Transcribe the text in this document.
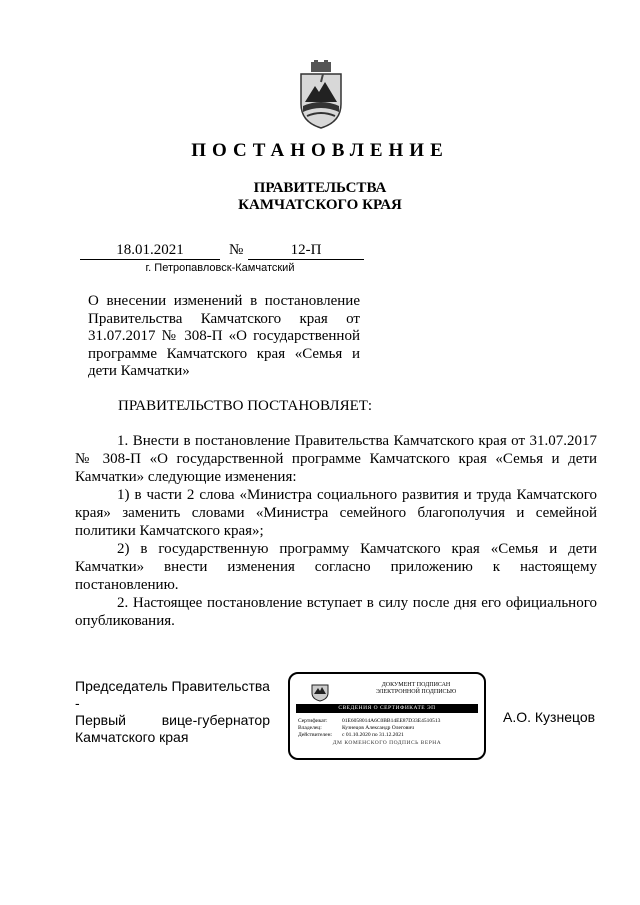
ПОСТАНОВЛЕНИЕ
ПРАВИТЕЛЬСТВА
КАМЧАТСКОГО КРАЯ
18.01.2021	№	12-П
г. Петропавловск-Камчатский
О внесении изменений в постановление
Правительства Камчатского края от
31.07.2017 № 308-П «О государственной
программе Камчатского края «Семья и
дети Камчатки»
ПРАВИТЕЛЬСТВО ПОСТАНОВЛЯЕТ:
1. Внести в постановление Правительства Камчатского края от 31.07.2017
№ 308-П «О государственной программе Камчатского края «Семья и дети
Камчатки» следующие изменения:
1) в части 2 слова «Министра социального развития и труда Камчатского
края» заменить словами «Министра семейного благополучия и семейной
политики Камчатского края»;
2) в государственную программу Камчатского края «Семья и дети
Камчатки» внести изменения согласно приложению к настоящему
постановлению.
2. Настоящее постановление вступает в силу после дня его официального
опубликования.
Председатель Правительства -
Первый вице-губернатор
Камчатского края
ДОКУМЕНТ ПОДПИСАН
ЭЛЕКТРОННОЙ ПОДПИСЬЮ
СВЕДЕНИЯ О СЕРТИФИКАТЕ ЭП
Сертификат:	01E6058014A6C0BB14EE87D33E4510513
Владелец:	Кузнецов Александр Олегович
Действителен: с 01.10.2020 по 31.12.2021
ДМ КОМЕНСКОГО ПОДПИСЬ ВЕРНА
А.О. Кузнецов
